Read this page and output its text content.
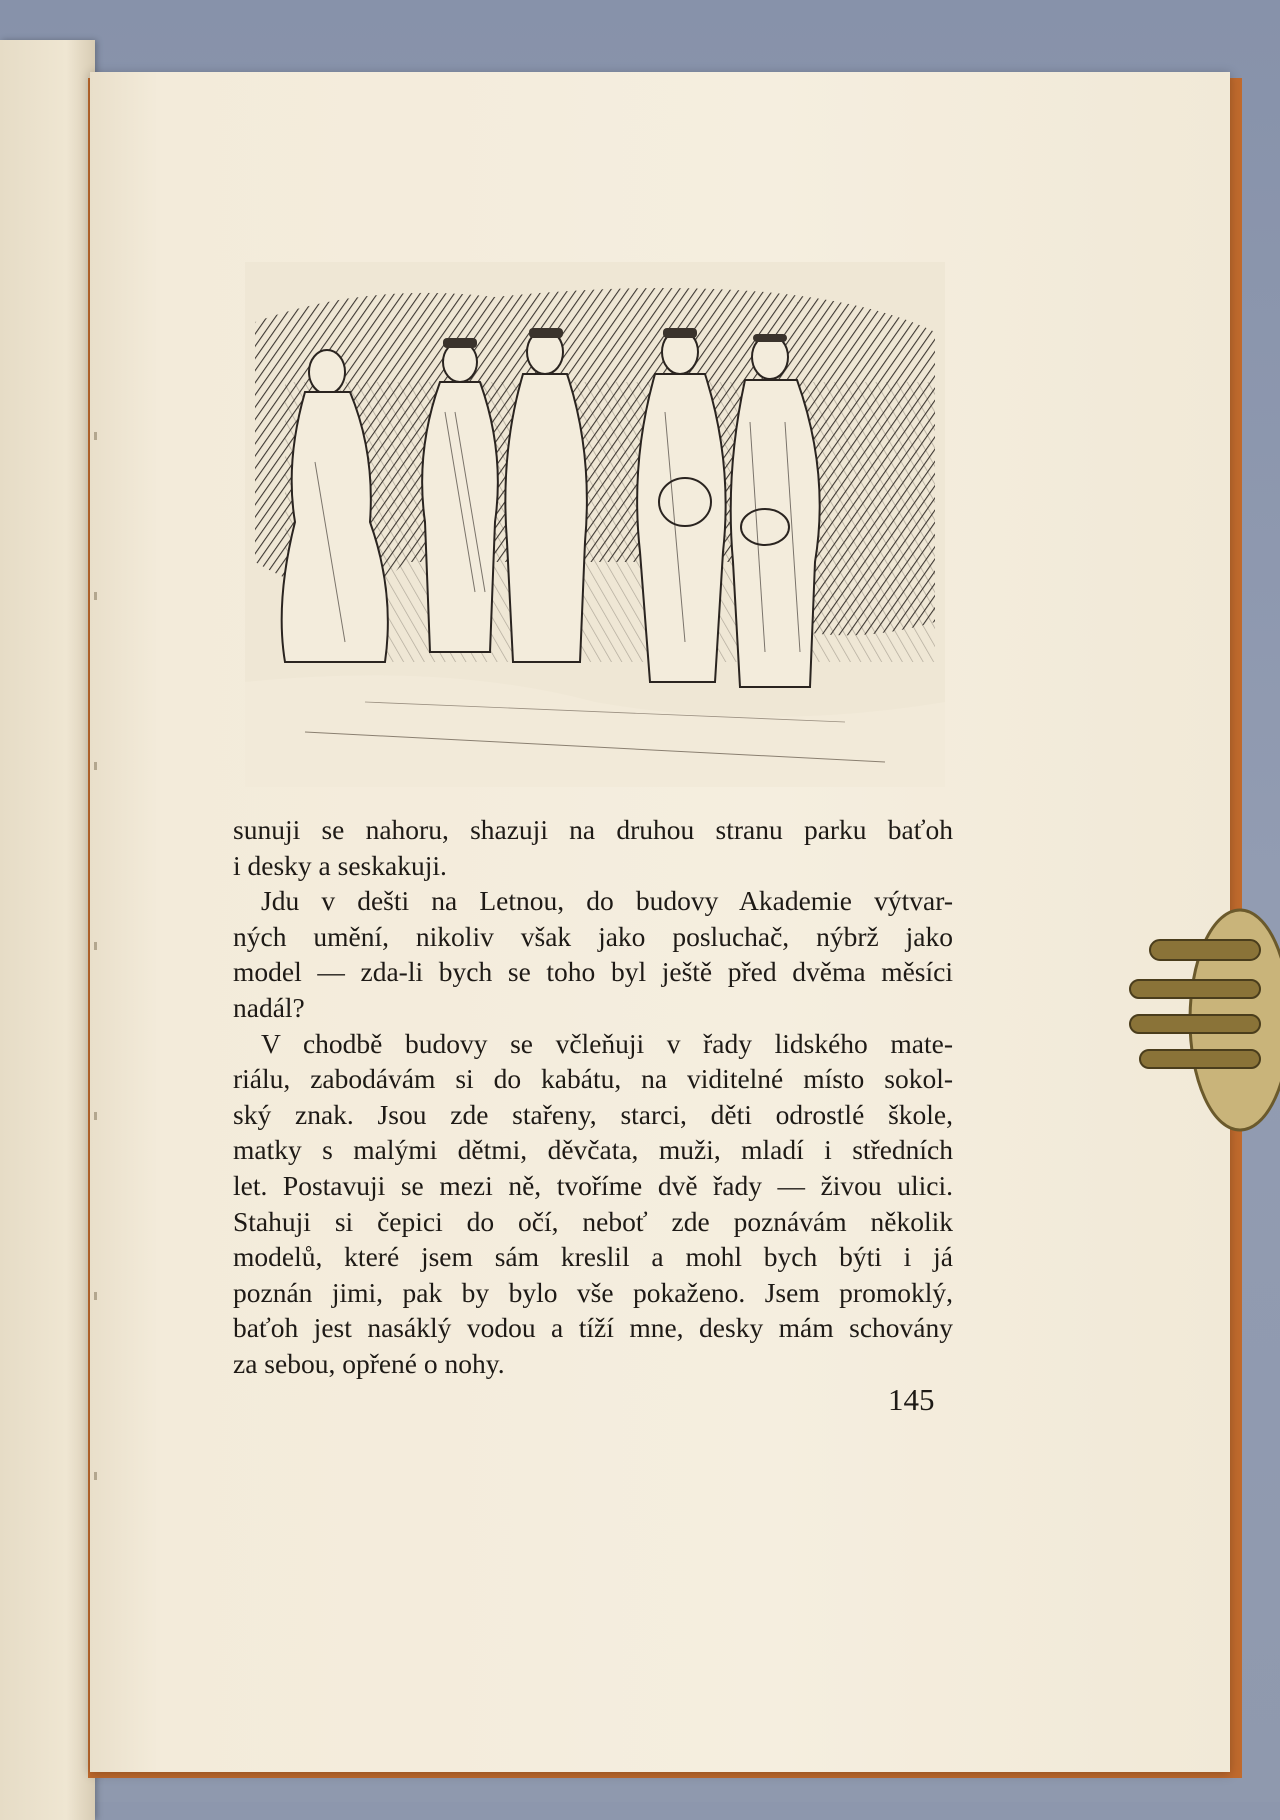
sunuji se nahoru, shazuji na druhou stranu parku baťoh

i desky a seskakuji.

Jdu v dešti na Letnou, do budovy Akademie výtvar-

ných umění, nikoliv však jako posluchač, nýbrž jako

model — zda-li bych se toho byl ještě před dvěma měsíci

nadál?

V chodbě budovy se včleňuji v řady lidského mate-

riálu, zabodávám si do kabátu, na viditelné místo sokol-

ský znak. Jsou zde stařeny, starci, děti odrostlé škole,

matky s malými dětmi, děvčata, muži, mladí i středních

let. Postavuji se mezi ně, tvoříme dvě řady — živou ulici.

Stahuji si čepici do očí, neboť zde poznávám několik

modelů, které jsem sám kreslil a mohl bych býti i já

poznán jimi, pak by bylo vše pokaženo. Jsem promoklý,

baťoh jest nasáklý vodou a tíží mne, desky mám schovány

za sebou, opřené o nohy.

145
